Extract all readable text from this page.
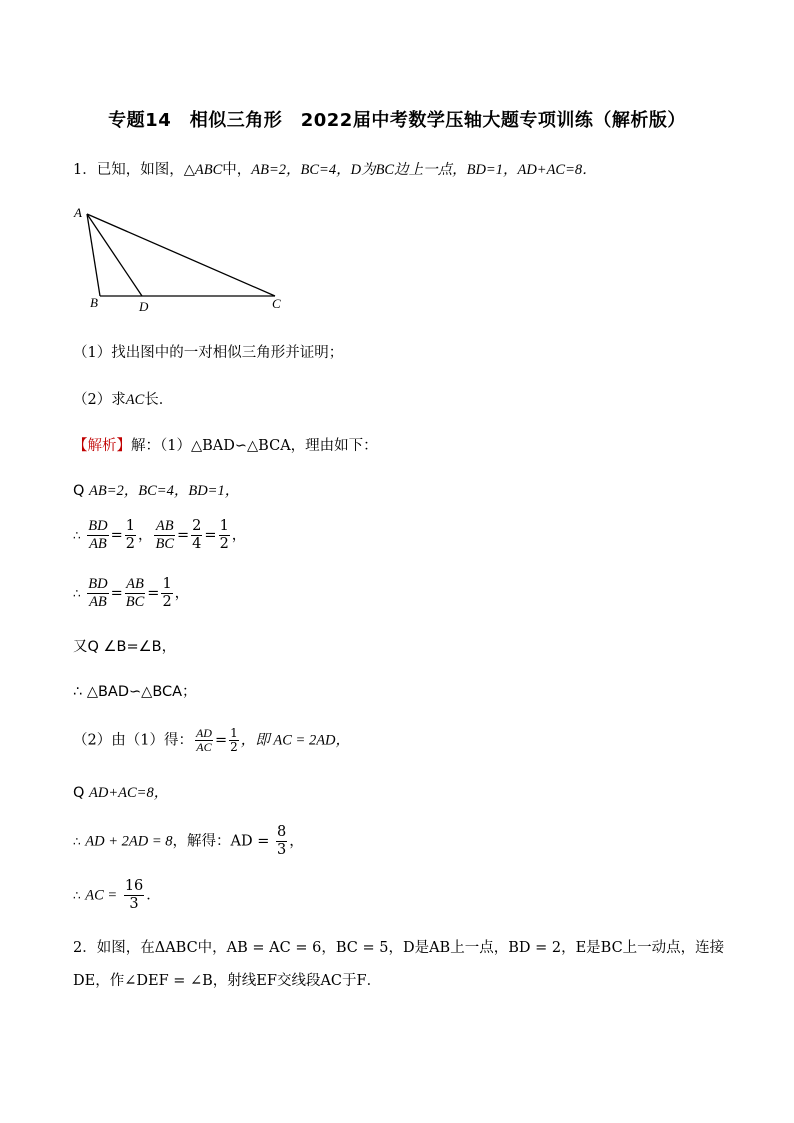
专题14　相似三角形　2022届中考数学压轴大题专项训练（解析版）
1．已知，如图，△ABC中，AB=2，BC=4，D为BC边上一点，BD=1，AD+AC=8．
A
B	D	C
（1）找出图中的一对相似三角形并证明；
（2）求AC长．
【解析】解：（1）△BAD∽△BCA，理由如下：
Q AB=2，BC=4，BD=1，
∴ $\frac{BD}{AB} = \frac{1}{2}$ ， $\frac{AB}{BC} = \frac{2}{4} = \frac{1}{2}$ ，
∴ $\frac{BD}{AB} = \frac{AB}{BC} = \frac{1}{2}$ ，
又Q ∠B=∠B，
∴ △BAD∽△BCA；
（2）由（1）得： $\frac{AD}{AC} = \frac{1}{2}$ ，即 AC = 2AD，
Q AD+AC=8，
∴ AD + 2AD = 8，解得：AD = $\frac{8}{3}$ ，
∴ AC = $\frac{16}{3}$ ．
2．如图，在ΔABC中，AB = AC = 6，BC = 5，D是AB上一点，BD = 2，E是BC上一动点，连接
DE，作∠DEF = ∠B，射线EF交线段AC于F．
